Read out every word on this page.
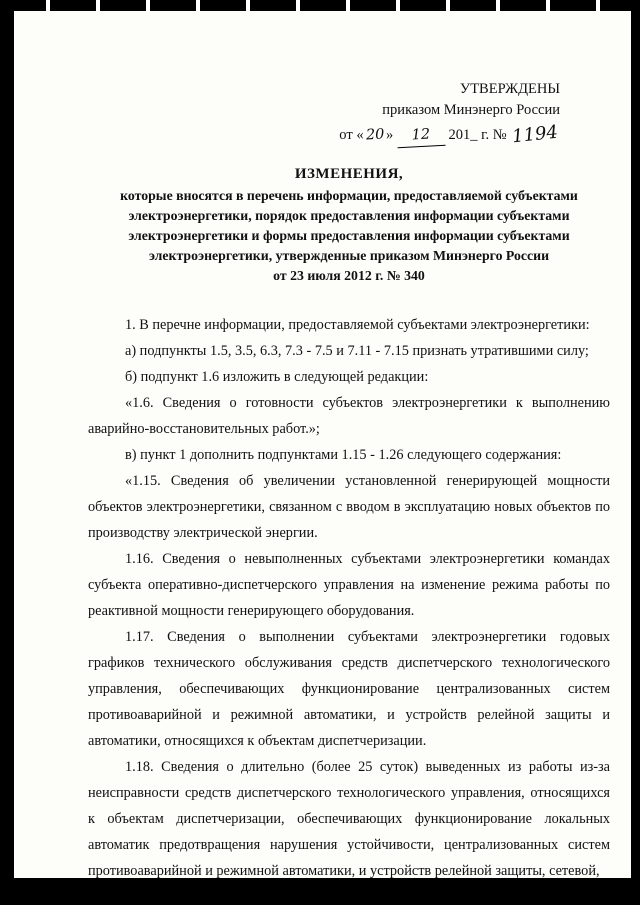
УТВЕРЖДЕНЫ
приказом Минэнерго России
от « 20 » 12 201_ г. № 1194
ИЗМЕНЕНИЯ,
которые вносятся в перечень информации, предоставляемой субъектами электроэнергетики, порядок предоставления информации субъектами электроэнергетики и формы предоставления информации субъектами электроэнергетики, утвержденные приказом Минэнерго России
от 23 июля 2012 г. № 340

1. В перечне информации, предоставляемой субъектами электроэнергетики:

а) подпункты 1.5, 3.5, 6.3, 7.3 - 7.5 и 7.11 - 7.15 признать утратившими силу;

б) подпункт 1.6 изложить в следующей редакции:

«1.6. Сведения о готовности субъектов электроэнергетики к выполнению аварийно-восстановительных работ.»;

в) пункт 1 дополнить подпунктами 1.15 - 1.26 следующего содержания:

«1.15. Сведения об увеличении установленной генерирующей мощности объектов электроэнергетики, связанном с вводом в эксплуатацию новых объектов по производству электрической энергии.

1.16. Сведения о невыполненных субъектами электроэнергетики командах субъекта оперативно-диспетчерского управления на изменение режима работы по реактивной мощности генерирующего оборудования.

1.17. Сведения о выполнении субъектами электроэнергетики годовых графиков технического обслуживания средств диспетчерского технологического управления, обеспечивающих функционирование централизованных систем противоаварийной и режимной автоматики, и устройств релейной защиты и автоматики, относящихся к объектам диспетчеризации.

1.18. Сведения о длительно (более 25 суток) выведенных из работы из-за неисправности средств диспетчерского технологического управления, относящихся к объектам диспетчеризации, обеспечивающих функционирование локальных автоматик предотвращения нарушения устойчивости, централизованных систем противоаварийной и режимной автоматики, и устройств релейной защиты, сетевой,
